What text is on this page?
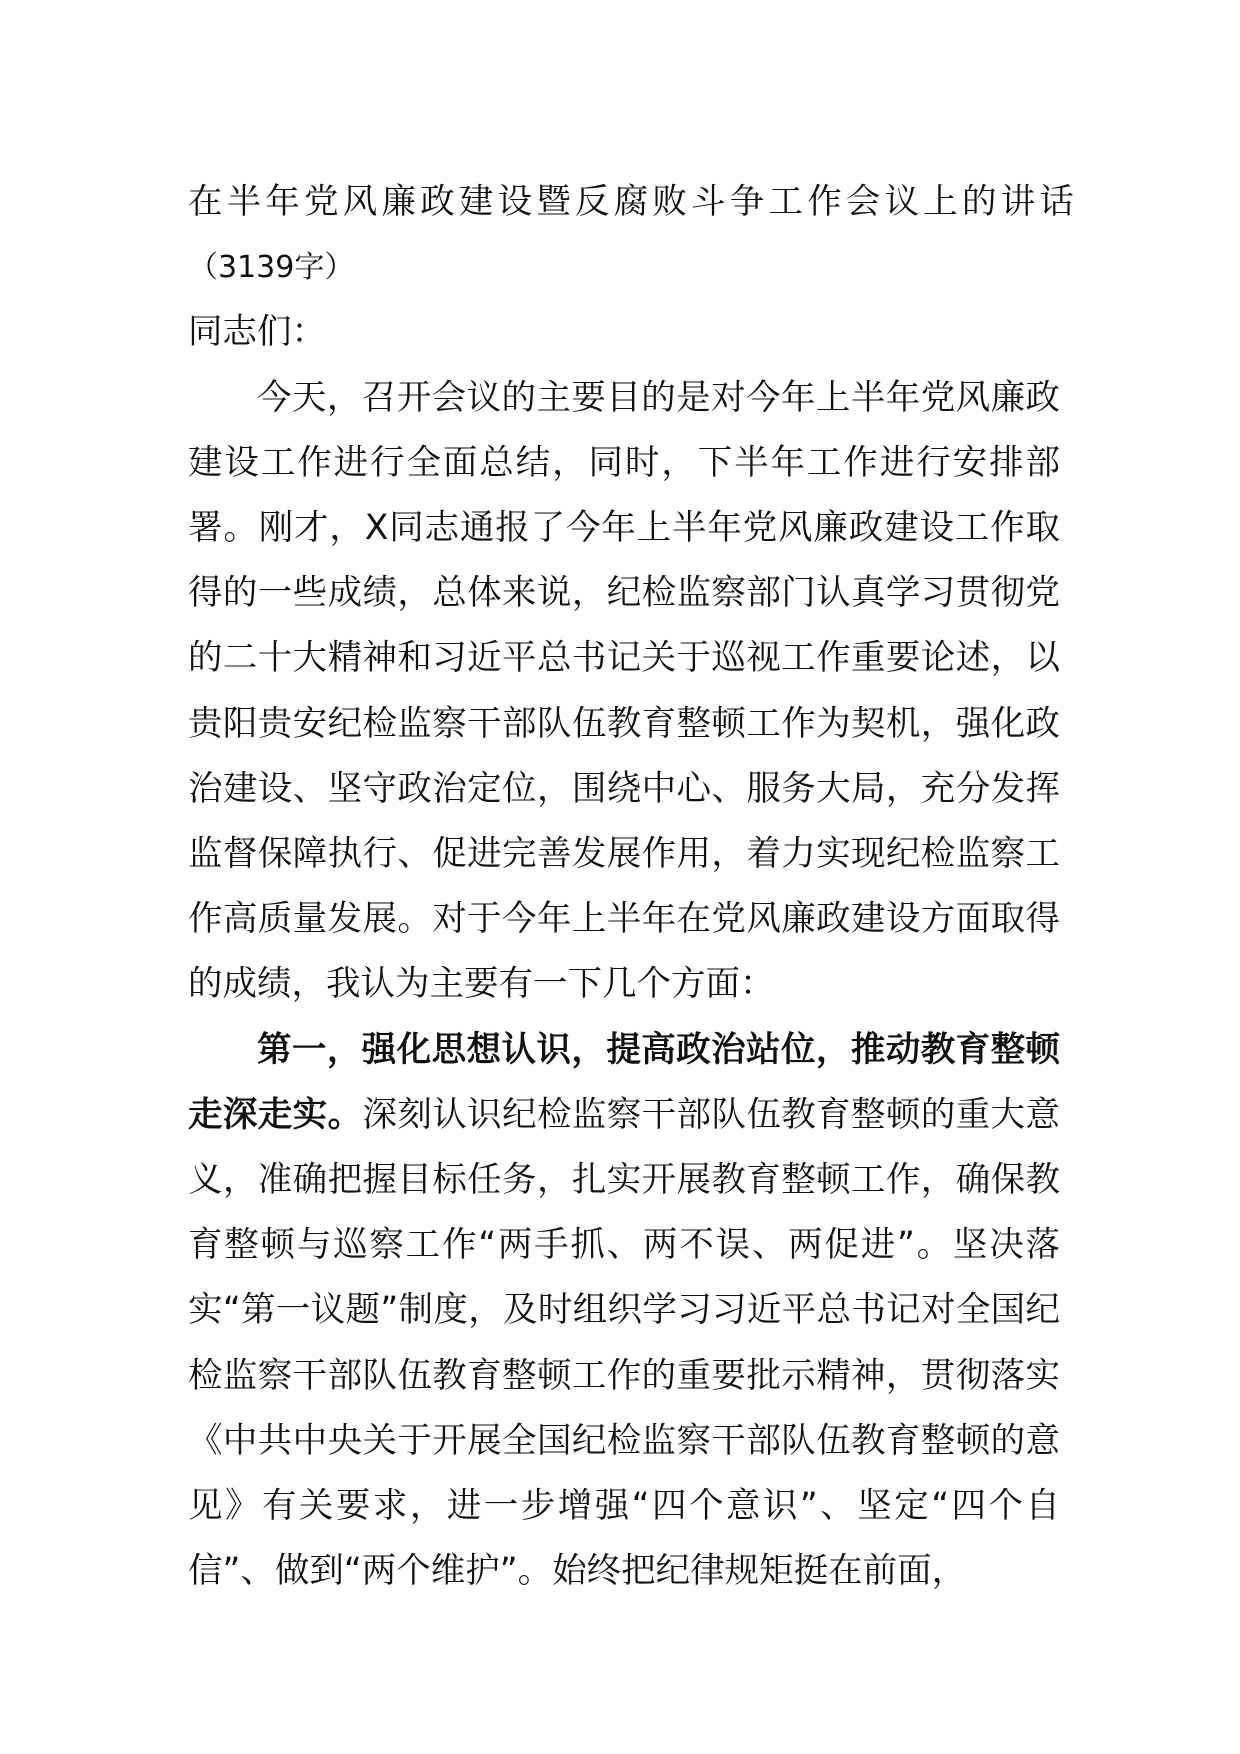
在半年党风廉政建设暨反腐败斗争工作会议上的讲话

（3139字）

同志们：

今天，召开会议的主要目的是对今年上半年党风廉政建设工作进行全面总结，同时，下半年工作进行安排部署。刚才，X同志通报了今年上半年党风廉政建设工作取得的一些成绩，总体来说，纪检监察部门认真学习贯彻党的二十大精神和习近平总书记关于巡视工作重要论述，以贵阳贵安纪检监察干部队伍教育整顿工作为契机，强化政治建设、坚守政治定位，围绕中心、服务大局，充分发挥监督保障执行、促进完善发展作用，着力实现纪检监察工作高质量发展。对于今年上半年在党风廉政建设方面取得的成绩，我认为主要有一下几个方面：

第一，强化思想认识，提高政治站位，推动教育整顿走深走实。深刻认识纪检监察干部队伍教育整顿的重大意义，准确把握目标任务，扎实开展教育整顿工作，确保教育整顿与巡察工作“两手抓、两不误、两促进”。坚决落实“第一议题”制度，及时组织学习习近平总书记对全国纪检监察干部队伍教育整顿工作的重要批示精神，贯彻落实《中共中央关于开展全国纪检监察干部队伍教育整顿的意见》有关要求，进一步增强“四个意识”、坚定“四个自信”、做到“两个维护”。始终把纪律规矩挺在前面，
